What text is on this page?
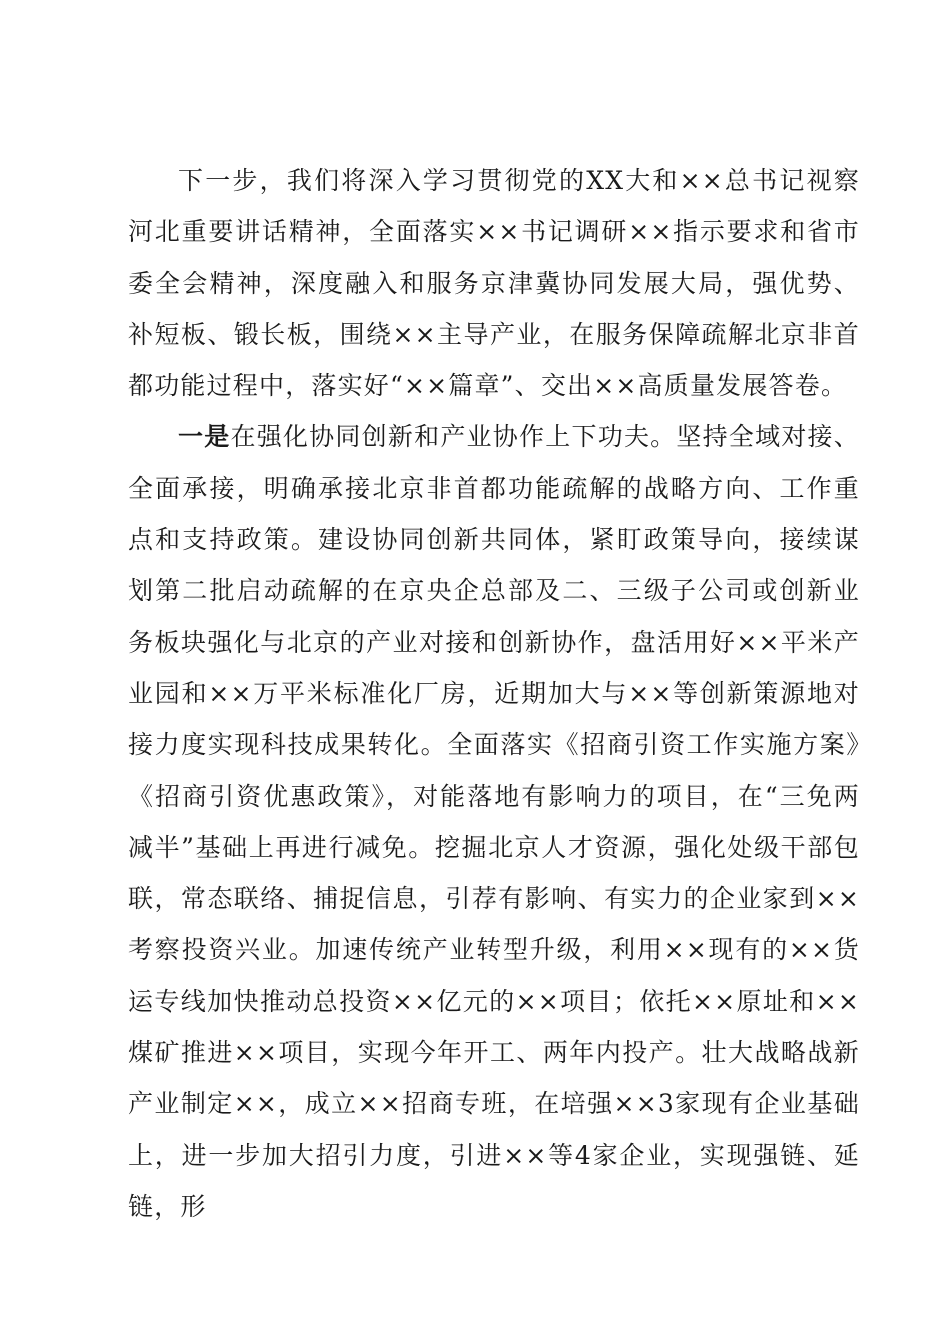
下一步，我们将深入学习贯彻党的XX大和××总书记视察河北重要讲话精神，全面落实××书记调研××指示要求和省市委全会精神，深度融入和服务京津冀协同发展大局，强优势、补短板、锻长板，围绕××主导产业，在服务保障疏解北京非首都功能过程中，落实好“××篇章”、交出××高质量发展答卷。

一是在强化协同创新和产业协作上下功夫。坚持全域对接、全面承接，明确承接北京非首都功能疏解的战略方向、工作重点和支持政策。建设协同创新共同体，紧盯政策导向，接续谋划第二批启动疏解的在京央企总部及二、三级子公司或创新业务板块强化与北京的产业对接和创新协作，盘活用好××平米产业园和××万平米标准化厂房，近期加大与××等创新策源地对接力度实现科技成果转化。全面落实《招商引资工作实施方案》《招商引资优惠政策》，对能落地有影响力的项目，在“三免两减半”基础上再进行减免。挖掘北京人才资源，强化处级干部包联，常态联络、捕捉信息，引荐有影响、有实力的企业家到××考察投资兴业。加速传统产业转型升级，利用××现有的××货运专线加快推动总投资××亿元的××项目；依托××原址和××煤矿推进××项目，实现今年开工、两年内投产。壮大战略战新产业制定××，成立××招商专班，在培强××3家现有企业基础上，进一步加大招引力度，引进××等4家企业，实现强链、延链，形
